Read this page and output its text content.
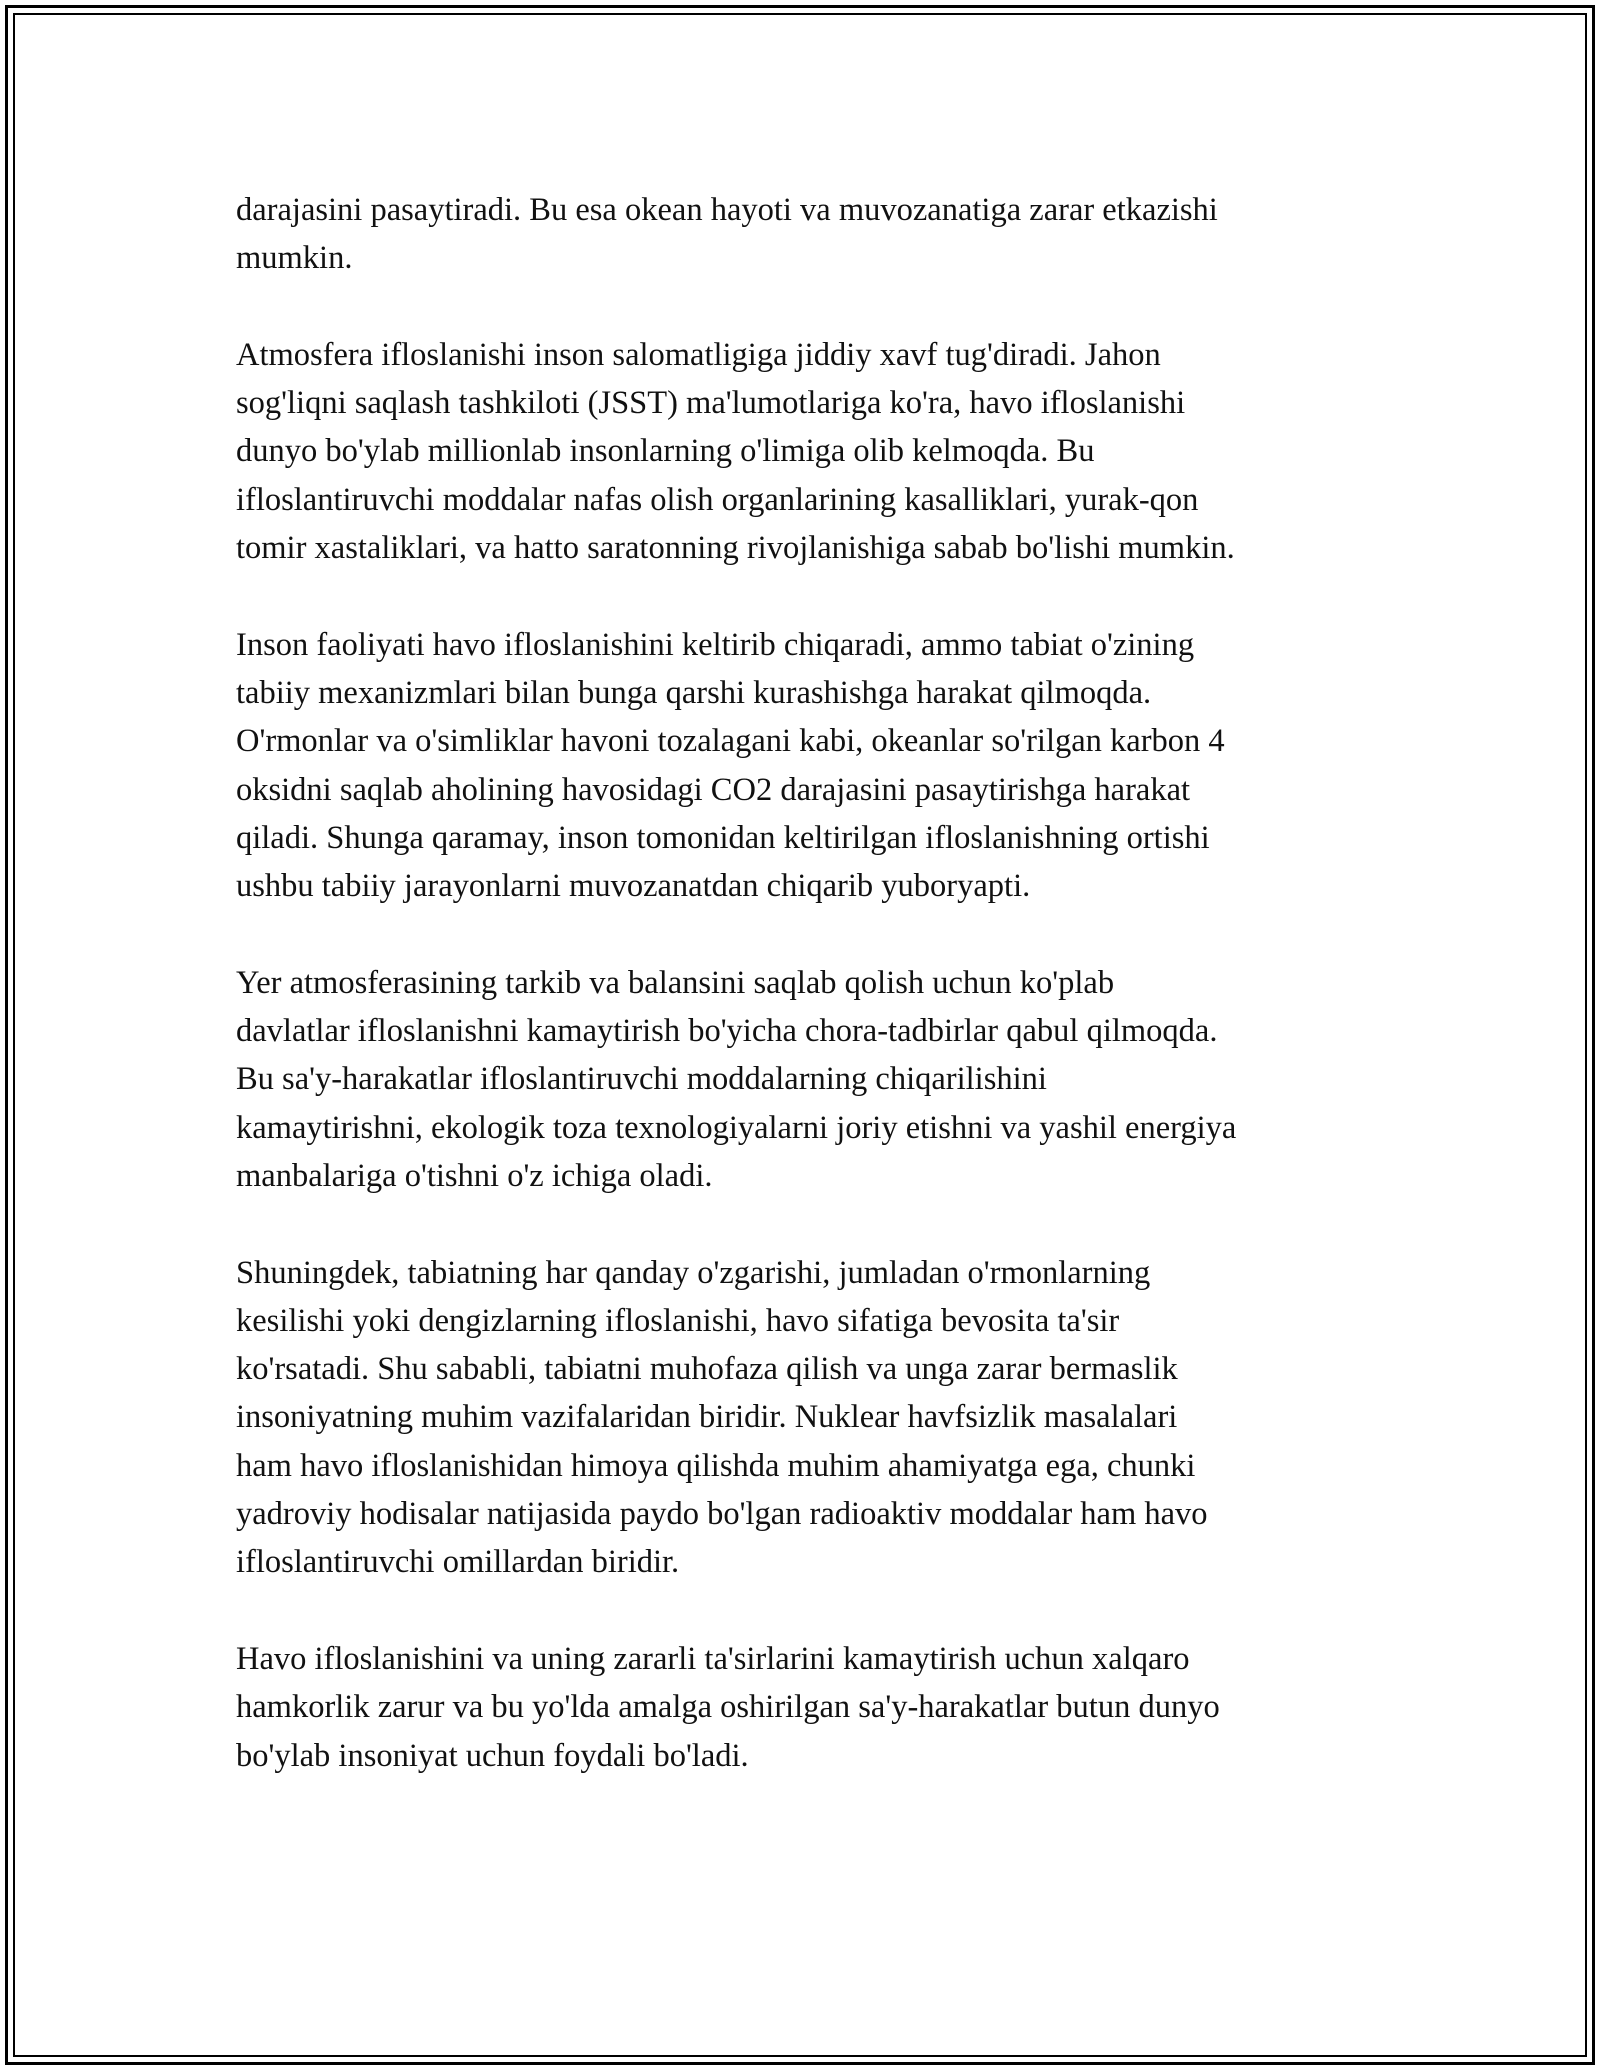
darajasini pasaytiradi. Bu esa okean hayoti va muvozanatiga zarar etkazishi
mumkin.

Atmosfera ifloslanishi inson salomatligiga jiddiy xavf tug'diradi. Jahon
sog'liqni saqlash tashkiloti (JSST) ma'lumotlariga ko'ra, havo ifloslanishi
dunyo bo'ylab millionlab insonlarning o'limiga olib kelmoqda. Bu
ifloslantiruvchi moddalar nafas olish organlarining kasalliklari, yurak-qon
tomir xastaliklari, va hatto saratonning rivojlanishiga sabab bo'lishi mumkin.

Inson faoliyati havo ifloslanishini keltirib chiqaradi, ammo tabiat o'zining
tabiiy mexanizmlari bilan bunga qarshi kurashishga harakat qilmoqda.
O'rmonlar va o'simliklar havoni tozalagani kabi, okeanlar so'rilgan karbon 4
oksidni saqlab aholining havosidagi CO2 darajasini pasaytirishga harakat
qiladi. Shunga qaramay, inson tomonidan keltirilgan ifloslanishning ortishi
ushbu tabiiy jarayonlarni muvozanatdan chiqarib yuboryapti.

Yer atmosferasining tarkib va balansini saqlab qolish uchun ko'plab
davlatlar ifloslanishni kamaytirish bo'yicha chora-tadbirlar qabul qilmoqda.
Bu sa'y-harakatlar ifloslantiruvchi moddalarning chiqarilishini
kamaytirishni, ekologik toza texnologiyalarni joriy etishni va yashil energiya
manbalariga o'tishni o'z ichiga oladi.

Shuningdek, tabiatning har qanday o'zgarishi, jumladan o'rmonlarning
kesilishi yoki dengizlarning ifloslanishi, havo sifatiga bevosita ta'sir
ko'rsatadi. Shu sababli, tabiatni muhofaza qilish va unga zarar bermaslik
insoniyatning muhim vazifalaridan biridir. Nuklear havfsizlik masalalari
ham havo ifloslanishidan himoya qilishda muhim ahamiyatga ega, chunki
yadroviy hodisalar natijasida paydo bo'lgan radioaktiv moddalar ham havo
ifloslantiruvchi omillardan biridir.

Havo ifloslanishini va uning zararli ta'sirlarini kamaytirish uchun xalqaro
hamkorlik zarur va bu yo'lda amalga oshirilgan sa'y-harakatlar butun dunyo
bo'ylab insoniyat uchun foydali bo'ladi.
